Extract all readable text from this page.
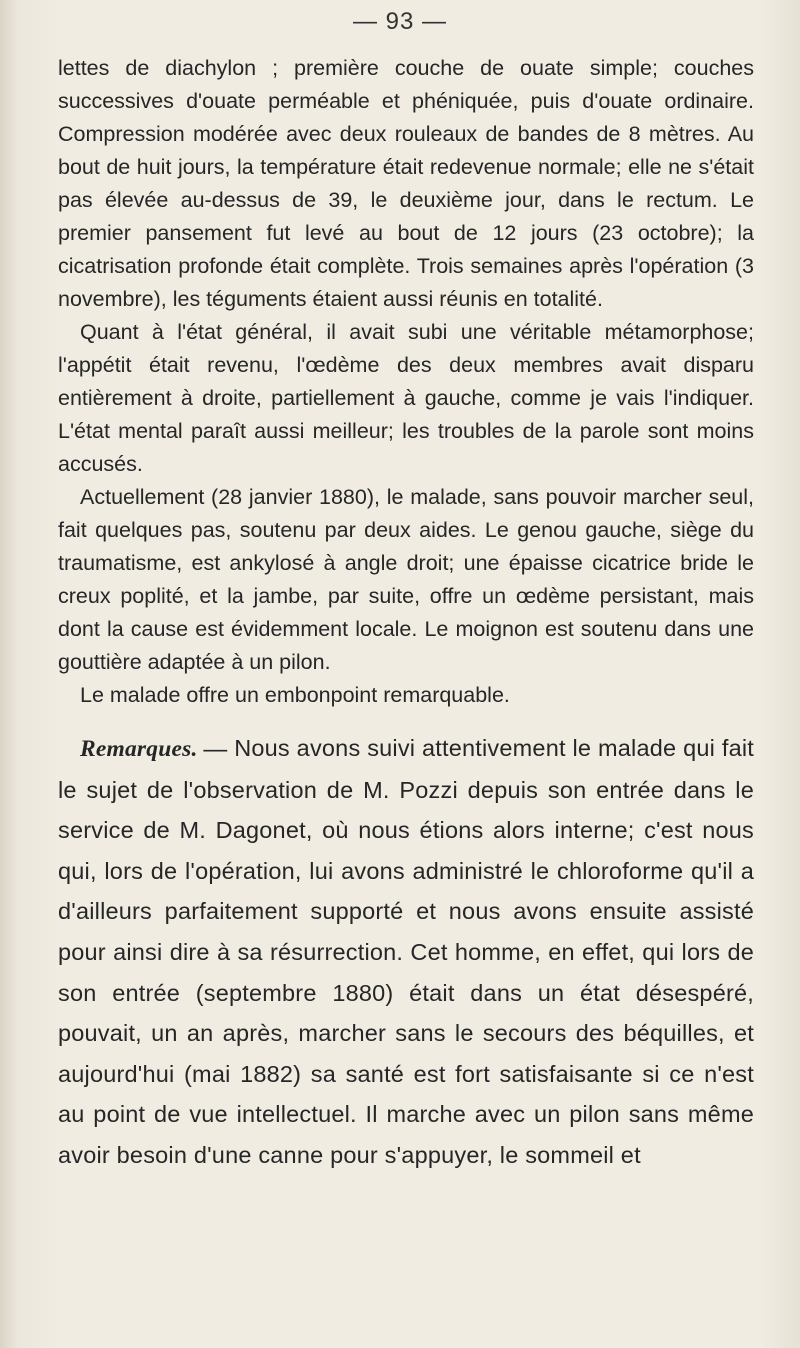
— 93 —

lettes de diachylon ; première couche de ouate simple; couches successives d'ouate perméable et phéniquée, puis d'ouate ordinaire. Compression modérée avec deux rouleaux de bandes de 8 mètres. Au bout de huit jours, la température était redevenue normale; elle ne s'était pas élevée au-dessus de 39, le deuxième jour, dans le rectum. Le premier pansement fut levé au bout de 12 jours (23 octobre); la cicatrisation profonde était complète. Trois semaines après l'opération (3 novembre), les téguments étaient aussi réunis en totalité.

Quant à l'état général, il avait subi une véritable métamorphose; l'appétit était revenu, l'œdème des deux membres avait disparu entièrement à droite, partiellement à gauche, comme je vais l'indiquer. L'état mental paraît aussi meilleur; les troubles de la parole sont moins accusés.

Actuellement (28 janvier 1880), le malade, sans pouvoir marcher seul, fait quelques pas, soutenu par deux aides. Le genou gauche, siège du traumatisme, est ankylosé à angle droit; une épaisse cicatrice bride le creux poplité, et la jambe, par suite, offre un œdème persistant, mais dont la cause est évidemment locale. Le moignon est soutenu dans une gouttière adaptée à un pilon.

Le malade offre un embonpoint remarquable.

Remarques. — Nous avons suivi attentivement le malade qui fait le sujet de l'observation de M. Pozzi depuis son entrée dans le service de M. Dagonet, où nous étions alors interne; c'est nous qui, lors de l'opération, lui avons administré le chloroforme qu'il a d'ailleurs parfaitement supporté et nous avons ensuite assisté pour ainsi dire à sa résurrection. Cet homme, en effet, qui lors de son entrée (septembre 1880) était dans un état désespéré, pouvait, un an après, marcher sans le secours des béquilles, et aujourd'hui (mai 1882) sa santé est fort satisfaisante si ce n'est au point de vue intellectuel. Il marche avec un pilon sans même avoir besoin d'une canne pour s'appuyer, le sommeil et
